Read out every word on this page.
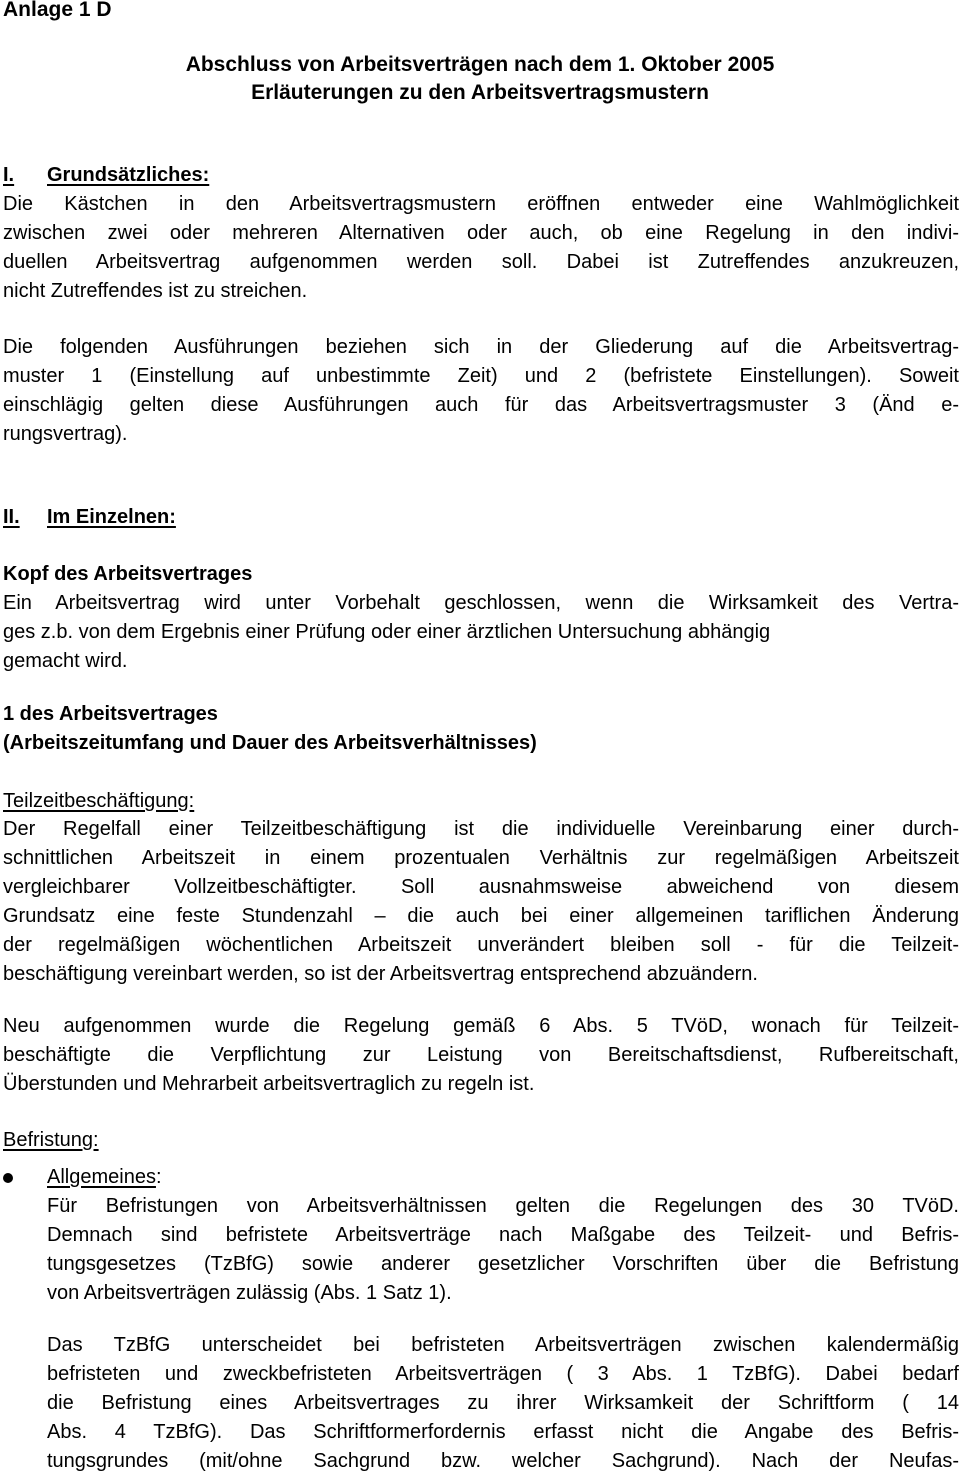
Anlage 1 D
Abschluss von Arbeitsverträgen nach dem 1. Oktober 2005
Erläuterungen zu den Arbeitsvertragsmustern
I. Grundsätzliches:
Die Kästchen in den Arbeitsvertragsmustern eröffnen entweder eine Wahlmöglichkeit
zwischen zwei oder mehreren Alternativen oder auch, ob eine Regelung in den indivi-
duellen Arbeitsvertrag aufgenommen werden soll. Dabei ist Zutreffendes anzukreuzen,
nicht Zutreffendes ist zu streichen.
Die folgenden Ausführungen beziehen sich in der Gliederung auf die Arbeitsvertrag-
muster 1 (Einstellung auf unbestimmte Zeit) und 2 (befristete Einstellungen). Soweit
einschlägig gelten diese Ausführungen auch für das Arbeitsvertragsmuster 3 (Änd e-
rungsvertrag).
II. Im Einzelnen:
Kopf des Arbeitsvertrages
Ein Arbeitsvertrag wird unter Vorbehalt geschlossen, wenn die Wirksamkeit des Vertra-
ges z.b. von dem Ergebnis einer Prüfung oder einer ärztlichen Untersuchung abhängig
gemacht wird.
1 des Arbeitsvertrages
(Arbeitszeitumfang und Dauer des Arbeitsverhältnisses)
Teilzeitbeschäftigung:
Der Regelfall einer Teilzeitbeschäftigung ist die individuelle Vereinbarung einer durch-
schnittlichen Arbeitszeit in einem prozentualen Verhältnis zur regelmäßigen Arbeitszeit
vergleichbarer Vollzeitbeschäftigter. Soll ausnahmsweise abweichend von diesem
Grundsatz eine feste Stundenzahl – die auch bei einer allgemeinen tariflichen Änderung
der regelmäßigen wöchentlichen Arbeitszeit unverändert bleiben soll - für die Teilzeit-
beschäftigung vereinbart werden, so ist der Arbeitsvertrag entsprechend abzuändern.
Neu aufgenommen wurde die Regelung gemäß 6 Abs. 5 TVöD, wonach für Teilzeit-
beschäftigte die Verpflichtung zur Leistung von Bereitschaftsdienst, Rufbereitschaft,
Überstunden und Mehrarbeit arbeitsvertraglich zu regeln ist.
Befristung:
Allgemeines:
Für Befristungen von Arbeitsverhältnissen gelten die Regelungen des 30 TVöD.
Demnach sind befristete Arbeitsverträge nach Maßgabe des Teilzeit- und Befris-
tungsgesetzes (TzBfG) sowie anderer gesetzlicher Vorschriften über die Befristung
von Arbeitsverträgen zulässig (Abs. 1 Satz 1).
Das TzBfG unterscheidet bei befristeten Arbeitsverträgen zwischen kalendermäßig
befristeten und zweckbefristeten Arbeitsverträgen ( 3 Abs. 1 TzBfG). Dabei bedarf
die Befristung eines Arbeitsvertrages zu ihrer Wirksamkeit der Schriftform ( 14
Abs. 4 TzBfG). Das Schriftformerfordernis erfasst nicht die Angabe des Befris-
tungsgrundes (mit/ohne Sachgrund bzw. welcher Sachgrund). Nach der Neufas-
